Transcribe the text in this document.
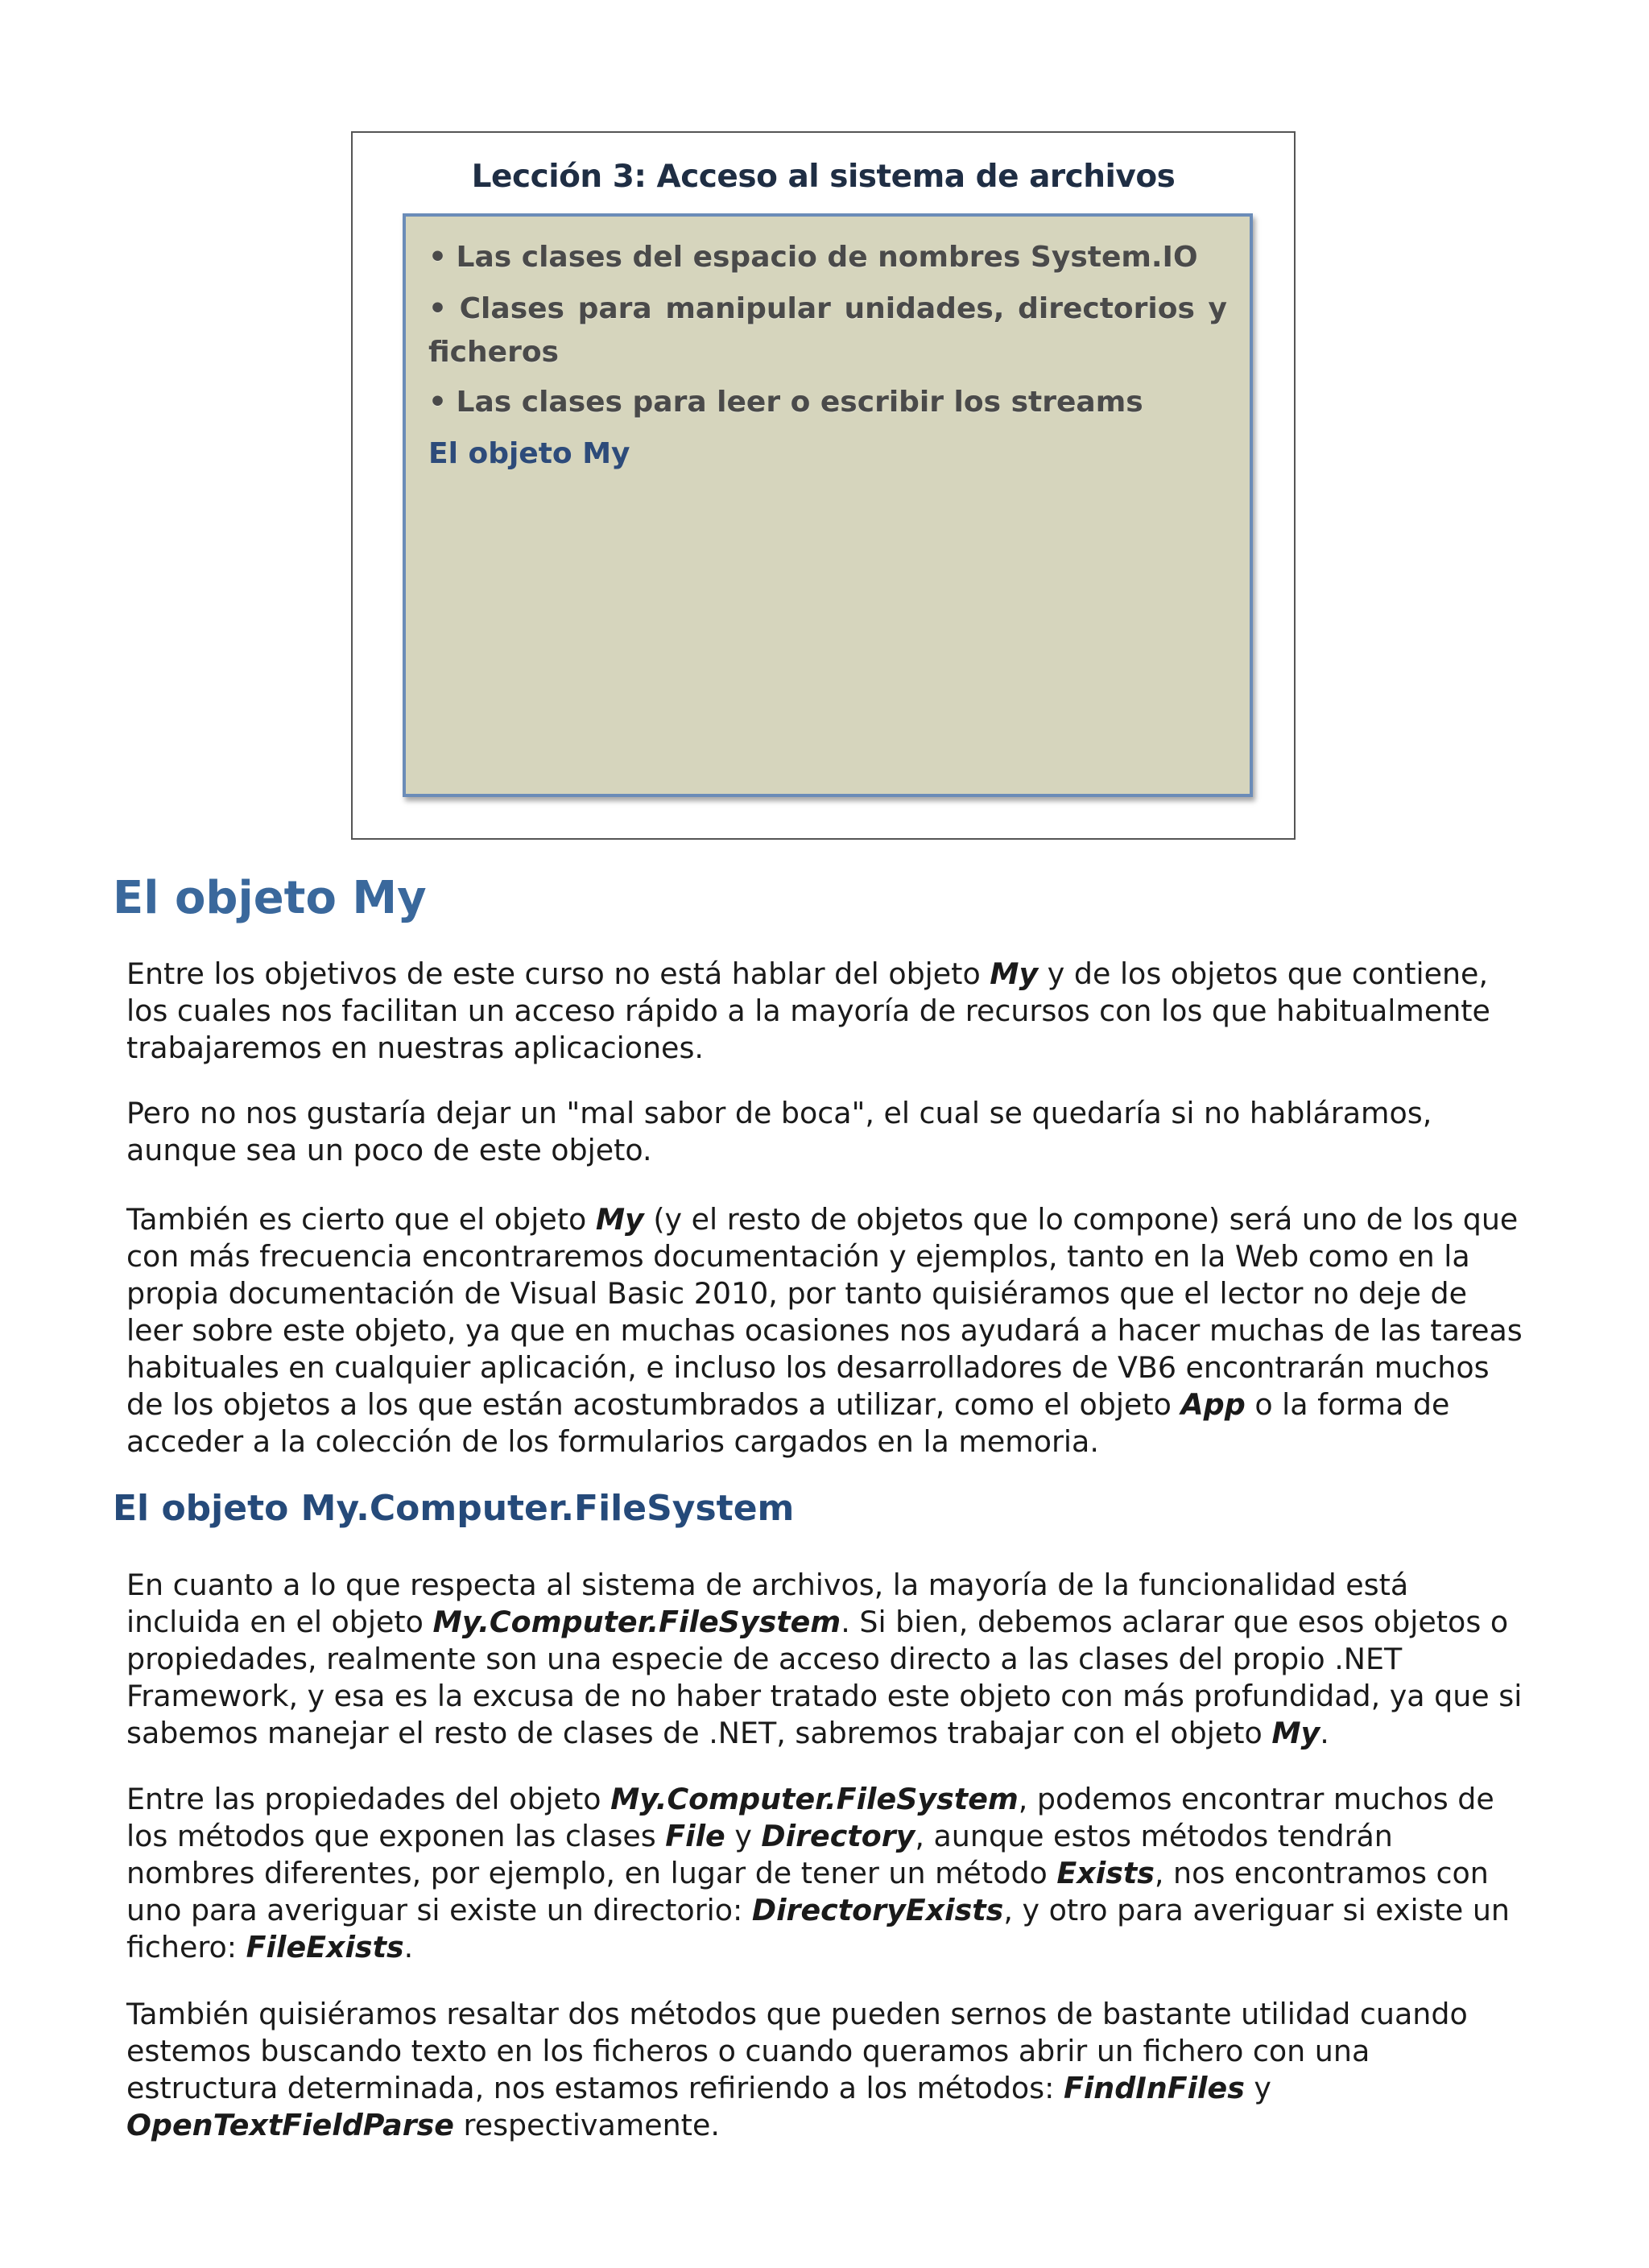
Lección 3: Acceso al sistema de archivos
• Las clases del espacio de nombres System.IO
• Clases para manipular unidades, directorios y
ficheros
• Las clases para leer o escribir los streams
El objeto My
El objeto My

Entre los objetivos de este curso no está hablar del objeto My y de los objetos que contiene, los cuales nos facilitan un acceso rápido a la mayoría de recursos con los que habitualmente trabajaremos en nuestras aplicaciones.

Pero no nos gustaría dejar un "mal sabor de boca", el cual se quedaría si no habláramos, aunque sea un poco de este objeto.

También es cierto que el objeto My (y el resto de objetos que lo compone) será uno de los que con más frecuencia encontraremos documentación y ejemplos, tanto en la Web como en la propia documentación de Visual Basic 2010, por tanto quisiéramos que el lector no deje de leer sobre este objeto, ya que en muchas ocasiones nos ayudará a hacer muchas de las tareas habituales en cualquier aplicación, e incluso los desarrolladores de VB6 encontrarán muchos de los objetos a los que están acostumbrados a utilizar, como el objeto App o la forma de acceder a la colección de los formularios cargados en la memoria.

El objeto My.Computer.FileSystem

En cuanto a lo que respecta al sistema de archivos, la mayoría de la funcionalidad está incluida en el objeto My.Computer.FileSystem. Si bien, debemos aclarar que esos objetos o propiedades, realmente son una especie de acceso directo a las clases del propio .NET Framework, y esa es la excusa de no haber tratado este objeto con más profundidad, ya que si sabemos manejar el resto de clases de .NET, sabremos trabajar con el objeto My.

Entre las propiedades del objeto My.Computer.FileSystem, podemos encontrar muchos de los métodos que exponen las clases File y Directory, aunque estos métodos tendrán nombres diferentes, por ejemplo, en lugar de tener un método Exists, nos encontramos con uno para averiguar si existe un directorio: DirectoryExists, y otro para averiguar si existe un fichero: FileExists.

También quisiéramos resaltar dos métodos que pueden sernos de bastante utilidad cuando estemos buscando texto en los ficheros o cuando queramos abrir un fichero con una estructura determinada, nos estamos refiriendo a los métodos: FindInFiles y OpenTextFieldParse respectivamente.
